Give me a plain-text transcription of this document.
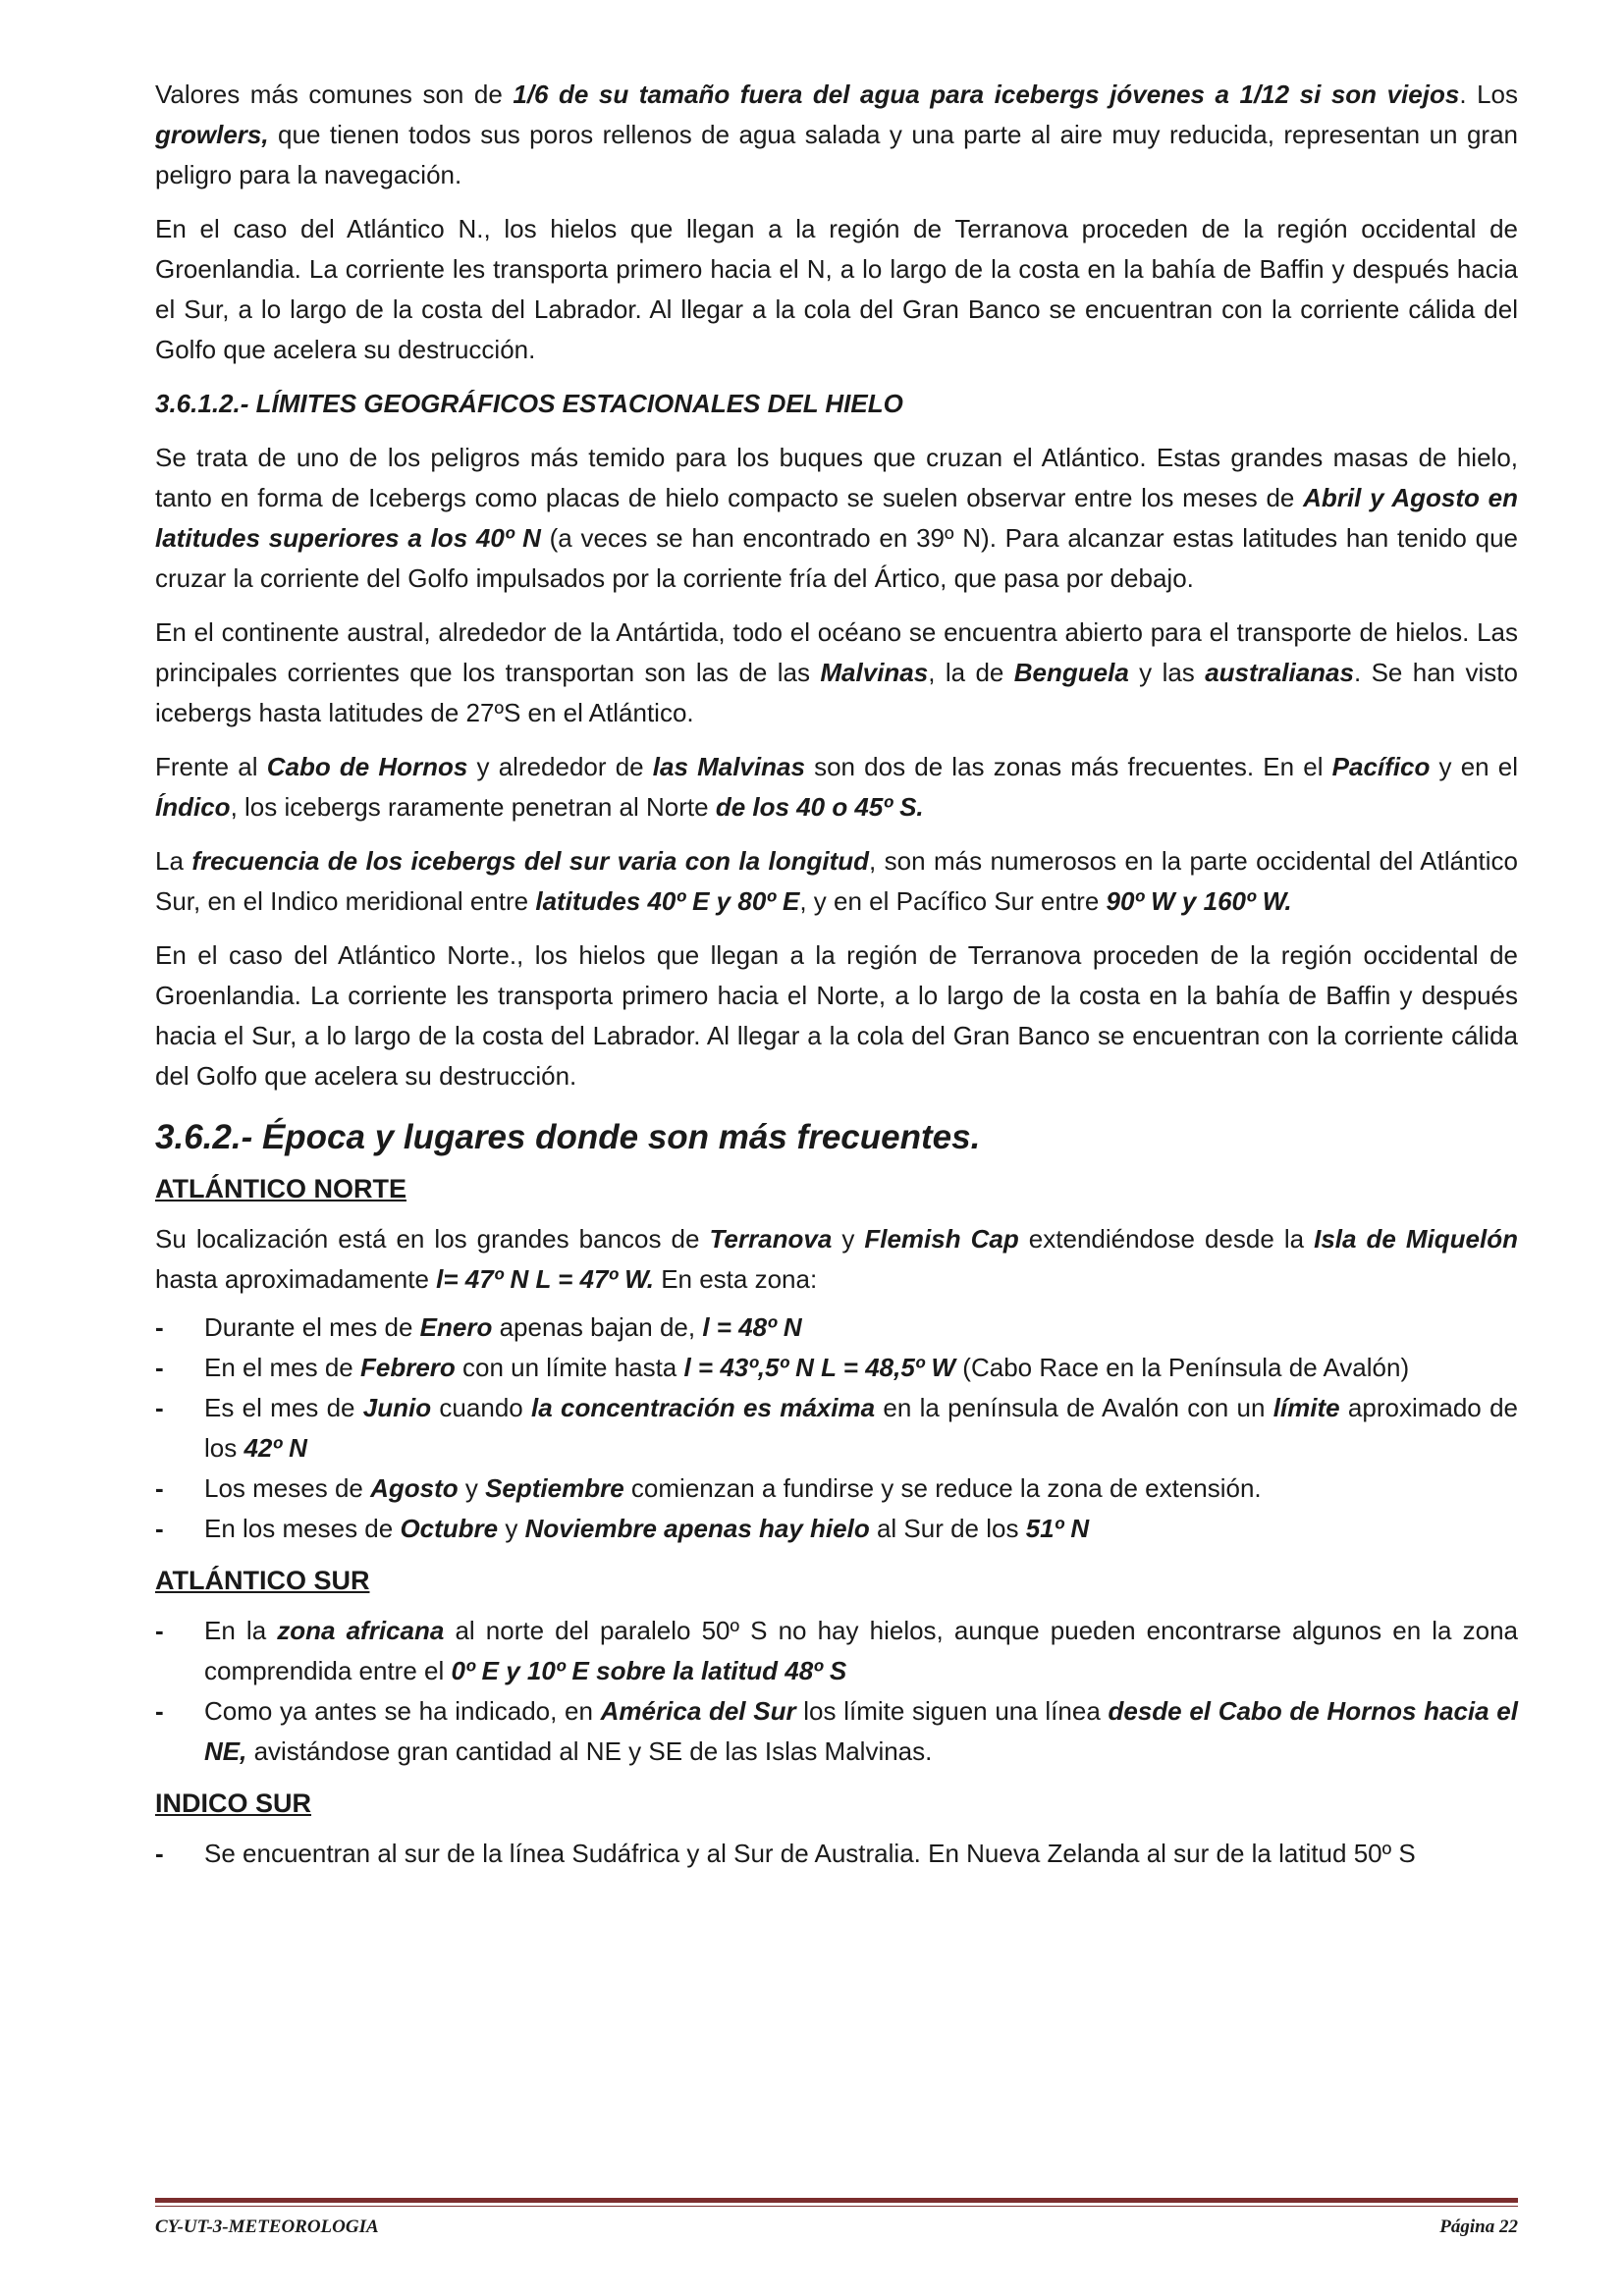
Valores más comunes son de 1/6 de su tamaño fuera del agua para icebergs jóvenes a 1/12 si son viejos. Los growlers, que tienen todos sus poros rellenos de agua salada y una parte al aire muy reducida, representan un gran peligro para la navegación.

En el caso del Atlántico N., los hielos que llegan a la región de Terranova proceden de la región occidental de Groenlandia. La corriente les transporta primero hacia el N, a lo largo de la costa en la bahía de Baffin y después hacia el Sur, a lo largo de la costa del Labrador. Al llegar a la cola del Gran Banco se encuentran con la corriente cálida del Golfo que acelera su destrucción.

3.6.1.2.- LÍMITES GEOGRÁFICOS ESTACIONALES DEL HIELO

Se trata de uno de los peligros más temido para los buques que cruzan el Atlántico. Estas grandes masas de hielo, tanto en forma de Icebergs como placas de hielo compacto se suelen observar entre los meses de Abril y Agosto en latitudes superiores a los 40º N (a veces se han encontrado en 39º N). Para alcanzar estas latitudes han tenido que cruzar la corriente del Golfo impulsados por la corriente fría del Ártico, que pasa por debajo.

En el continente austral, alrededor de la Antártida, todo el océano se encuentra abierto para el transporte de hielos. Las principales corrientes que los transportan son las de las Malvinas, la de Benguela y las australianas. Se han visto icebergs hasta latitudes de 27ºS en el Atlántico.

Frente al Cabo de Hornos y alrededor de las Malvinas son dos de las zonas más frecuentes. En el Pacífico y en el Índico, los icebergs raramente penetran al Norte de los 40 o 45º S.

La frecuencia de los icebergs del sur varia con la longitud, son más numerosos en la parte occidental del Atlántico Sur, en el Indico meridional entre latitudes 40º E y 80º E, y en el Pacífico Sur entre 90º W y 160º W.

En el caso del Atlántico Norte., los hielos que llegan a la región de Terranova proceden de la región occidental de Groenlandia. La corriente les transporta primero hacia el Norte, a lo largo de la costa en la bahía de Baffin y después hacia el Sur, a lo largo de la costa del Labrador. Al llegar a la cola del Gran Banco se encuentran con la corriente cálida del Golfo que acelera su destrucción.

3.6.2.- Época y lugares donde son más frecuentes.
ATLÁNTICO NORTE

Su localización está en los grandes bancos de Terranova y Flemish Cap extendiéndose desde la Isla de Miquelón hasta aproximadamente l= 47º N L = 47º W. En esta zona:

- Durante el mes de Enero apenas bajan de, l = 48º N
- En el mes de Febrero con un límite hasta l = 43º,5º N L = 48,5º W (Cabo Race en la Península de Avalón)
- Es el mes de Junio cuando la concentración es máxima en la península de Avalón con un límite aproximado de los 42º N
- Los meses de Agosto y Septiembre comienzan a fundirse y se reduce la zona de extensión.
- En los meses de Octubre y Noviembre apenas hay hielo al Sur de los 51º N
ATLÁNTICO SUR
- En la zona africana al norte del paralelo 50º S no hay hielos, aunque pueden encontrarse algunos en la zona comprendida entre el 0º E y 10º E sobre la latitud 48º S
- Como ya antes se ha indicado, en América del Sur los límite siguen una línea desde el Cabo de Hornos hacia el NE, avistándose gran cantidad al NE y SE de las Islas Malvinas.
INDICO SUR
- Se encuentran al sur de la línea Sudáfrica y al Sur de Australia. En Nueva Zelanda al sur de la latitud 50º S
CY-UT-3-METEOROLOGIA	Página 22
